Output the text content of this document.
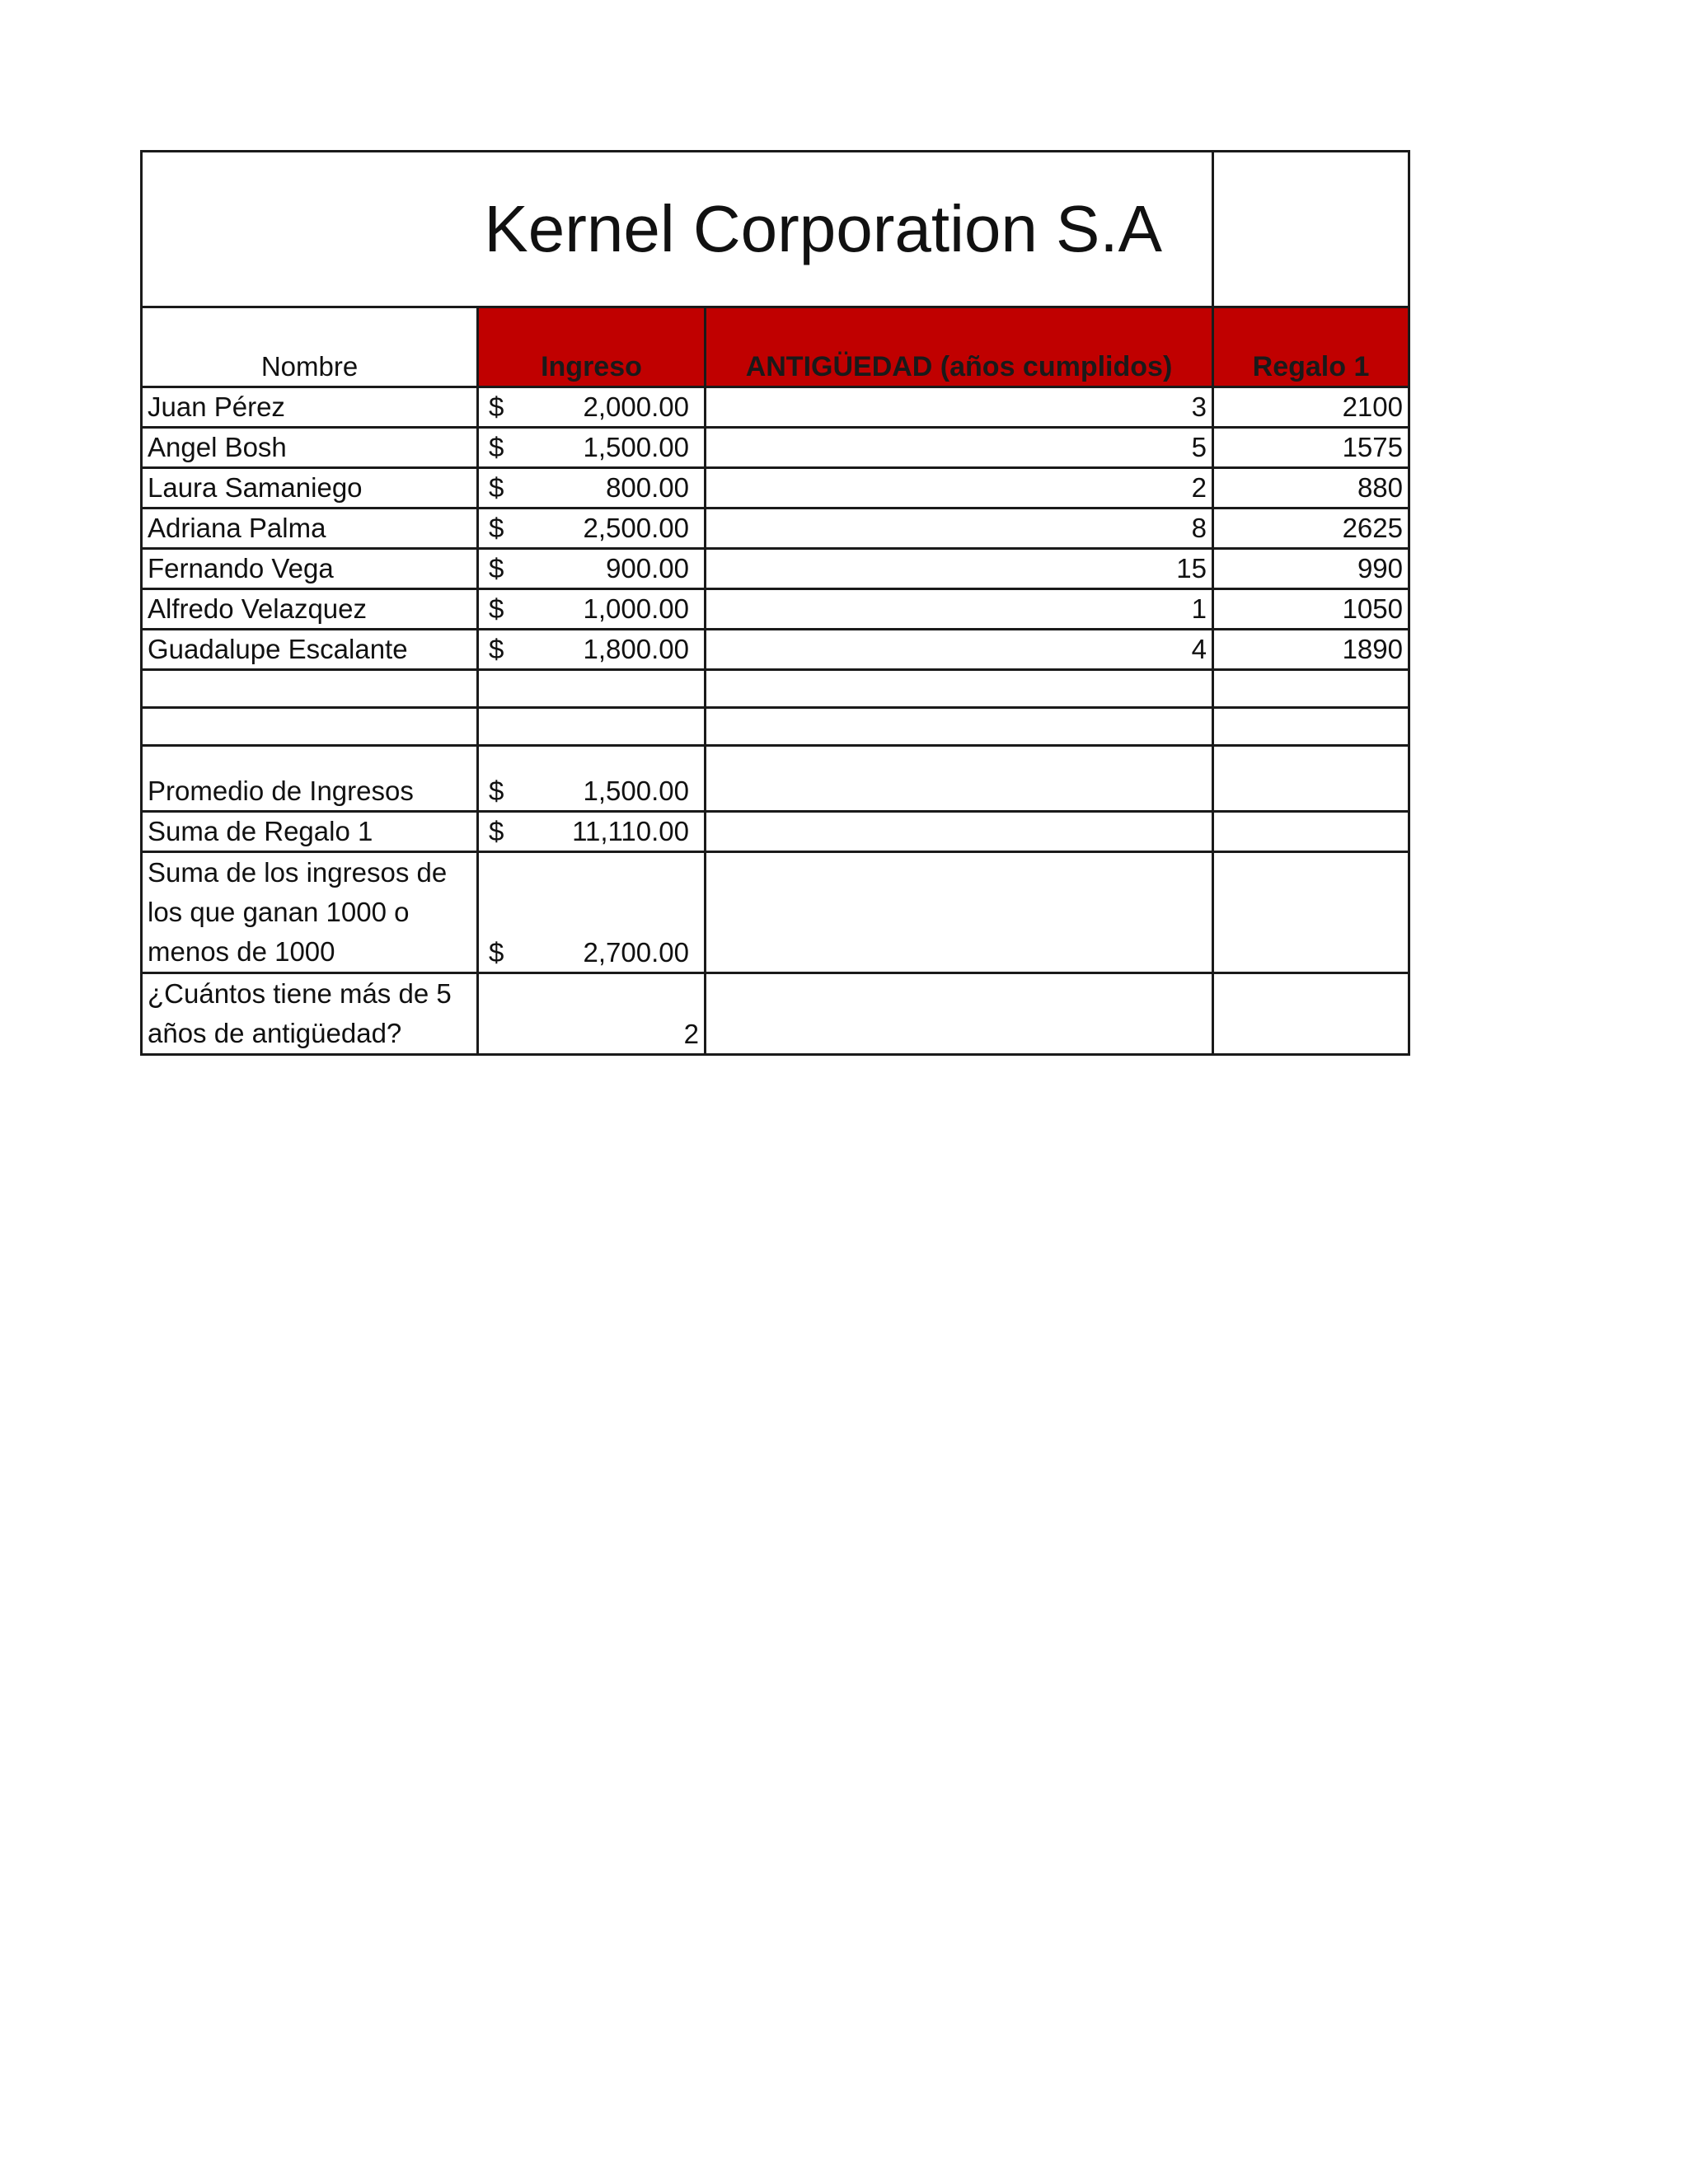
Kernel Corporation S.A			
Nombre	Ingreso	ANTIGÜEDAD (años cumplidos)	Regalo 1
Juan Pérez	$ 2,000.00	3	2100
Angel Bosh	$ 1,500.00	5	1575
Laura Samaniego	$ 800.00	2	880
Adriana Palma	$ 2,500.00	8	2625
Fernando Vega	$ 900.00	15	990
Alfredo Velazquez	$ 1,000.00	1	1050
Guadalupe Escalante	$ 1,800.00	4	1890

Promedio de Ingresos	$ 1,500.00		

Suma de Regalo 1	$ 11,110.00		

Suma de los ingresos de los que ganan 1000 o menos de 1000	$ 2,700.00		

¿Cuántos tiene más de 5 años de antigüedad?	2		
